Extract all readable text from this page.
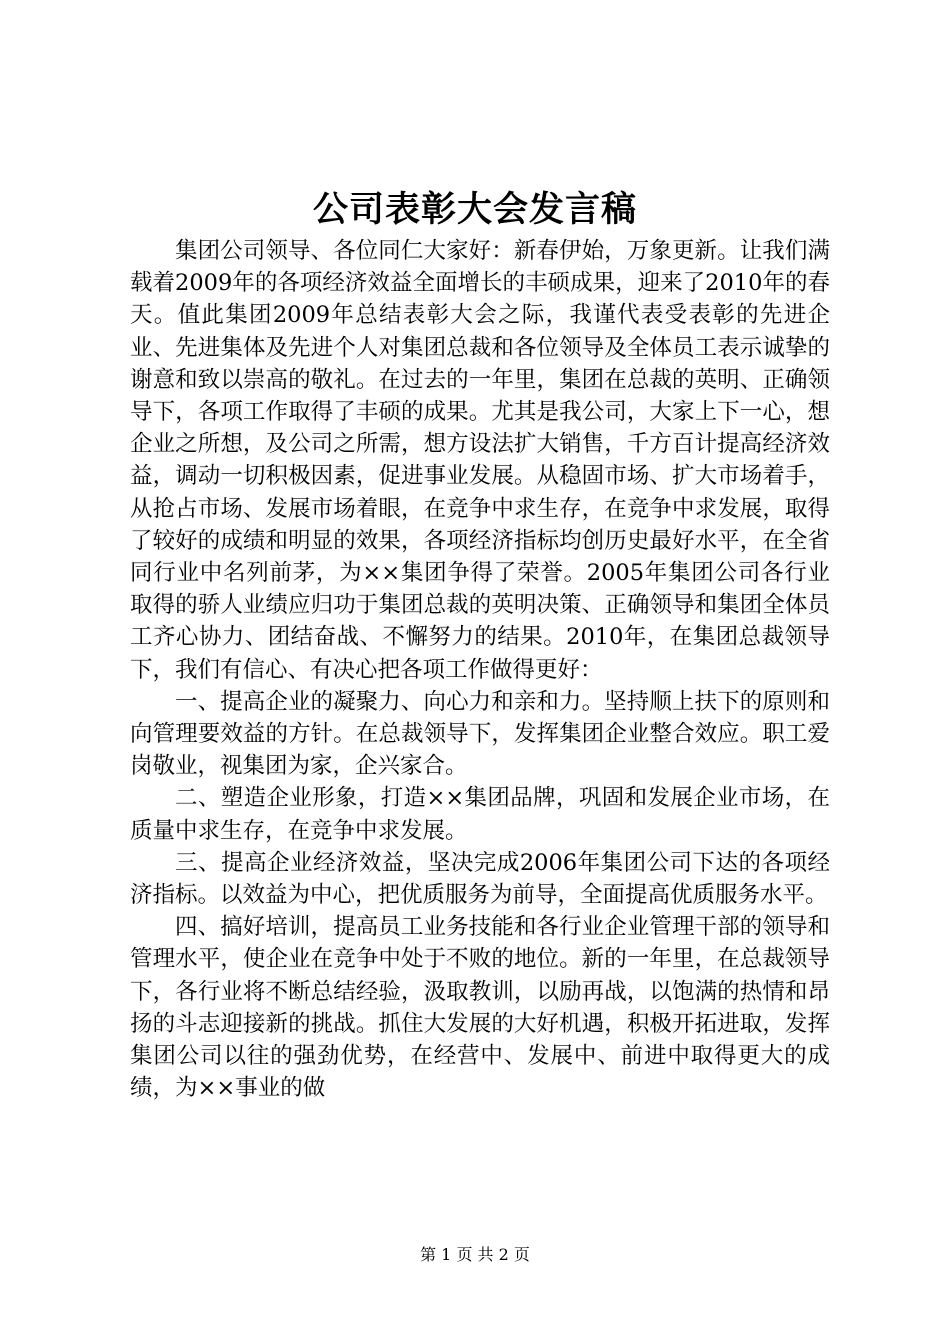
公司表彰大会发言稿

集团公司领导、各位同仁大家好：新春伊始，万象更新。让我们满载着2009年的各项经济效益全面增长的丰硕成果，迎来了2010年的春天。值此集团2009年总结表彰大会之际，我谨代表受表彰的先进企业、先进集体及先进个人对集团总裁和各位领导及全体员工表示诚挚的谢意和致以崇高的敬礼。在过去的一年里，集团在总裁的英明、正确领导下，各项工作取得了丰硕的成果。尤其是我公司，大家上下一心，想企业之所想，及公司之所需，想方设法扩大销售，千方百计提高经济效益，调动一切积极因素，促进事业发展。从稳固市场、扩大市场着手，从抢占市场、发展市场着眼，在竞争中求生存，在竞争中求发展，取得了较好的成绩和明显的效果，各项经济指标均创历史最好水平，在全省同行业中名列前茅，为××集团争得了荣誉。2005年集团公司各行业取得的骄人业绩应归功于集团总裁的英明决策、正确领导和集团全体员工齐心协力、团结奋战、不懈努力的结果。2010年，在集团总裁领导下，我们有信心、有决心把各项工作做得更好：

一、提高企业的凝聚力、向心力和亲和力。坚持顺上扶下的原则和向管理要效益的方针。在总裁领导下，发挥集团企业整合效应。职工爱岗敬业，视集团为家，企兴家合。

二、塑造企业形象，打造××集团品牌，巩固和发展企业市场，在质量中求生存，在竞争中求发展。

三、提高企业经济效益，坚决完成2006年集团公司下达的各项经济指标。以效益为中心，把优质服务为前导，全面提高优质服务水平。

四、搞好培训，提高员工业务技能和各行业企业管理干部的领导和管理水平，使企业在竞争中处于不败的地位。新的一年里，在总裁领导下，各行业将不断总结经验，汲取教训，以励再战，以饱满的热情和昂扬的斗志迎接新的挑战。抓住大发展的大好机遇，积极开拓进取，发挥集团公司以往的强劲优势，在经营中、发展中、前进中取得更大的成绩，为××事业的做

第 1 页 共 2 页
